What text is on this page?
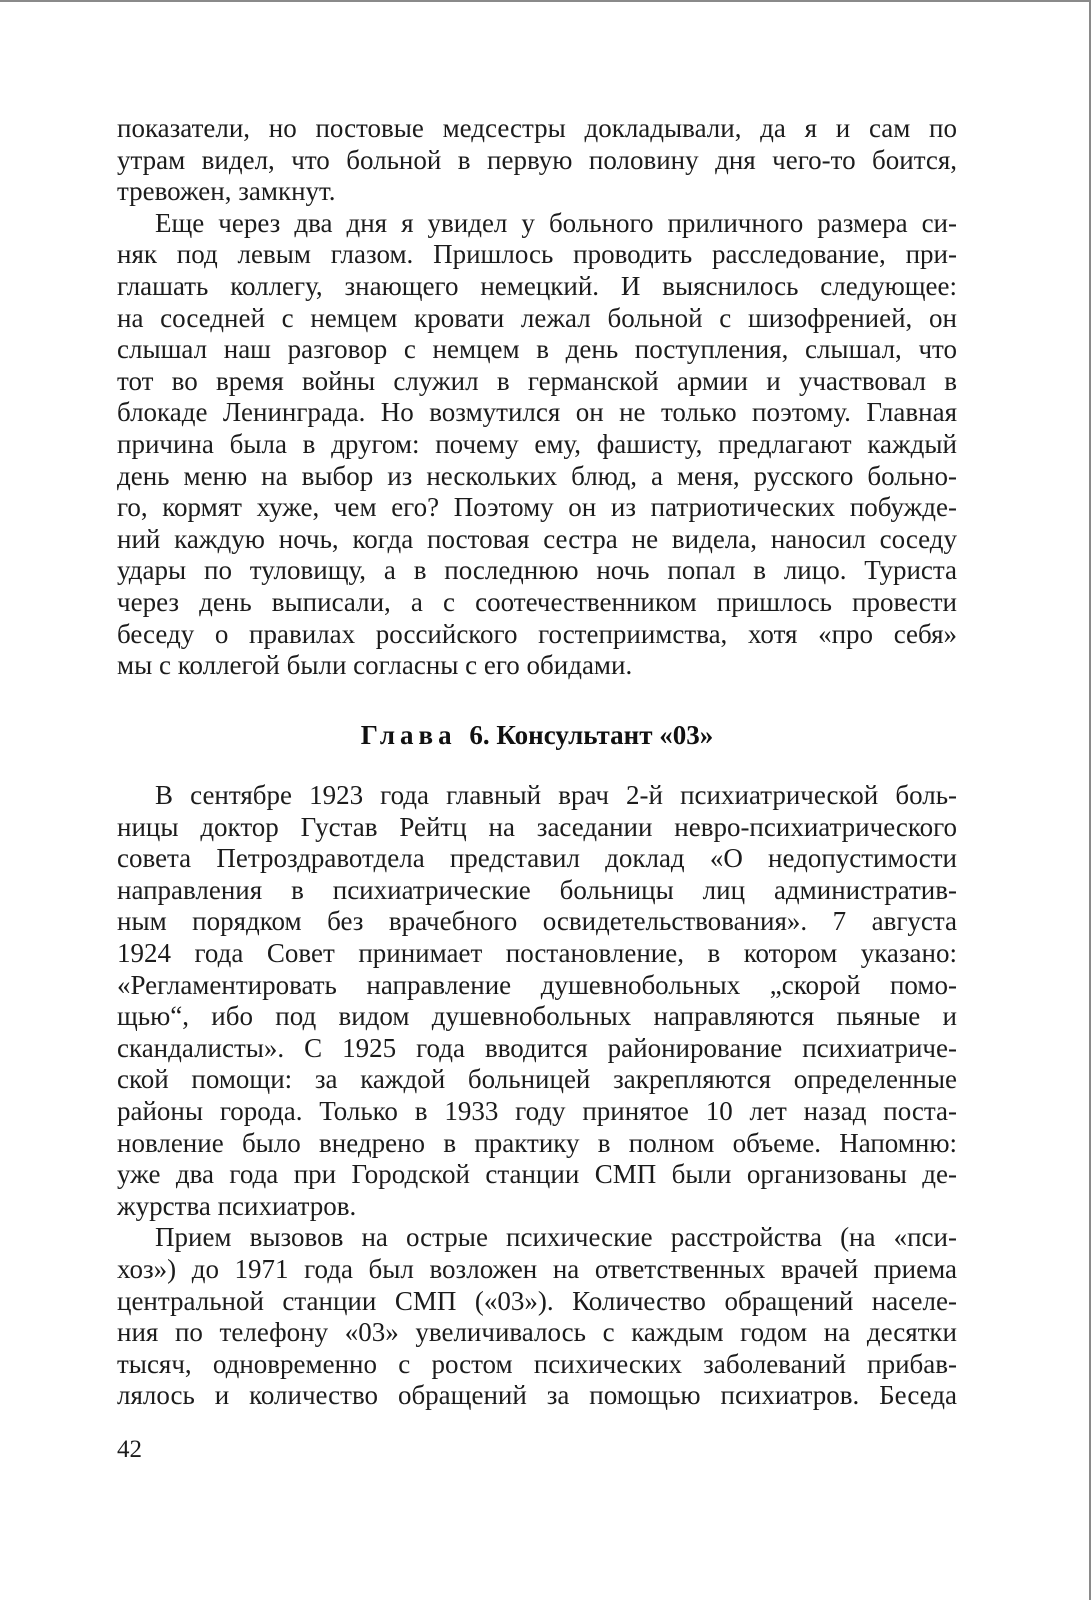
показатели, но постовые медсестры докладывали, да я и сам по
утрам видел, что больной в первую половину дня чего-то боится,
тревожен, замкнут.
Еще через два дня я увидел у больного приличного размера си-
няк под левым глазом. Пришлось проводить расследование, при-
глашать коллегу, знающего немецкий. И выяснилось следующее:
на соседней с немцем кровати лежал больной с шизофренией, он
слышал наш разговор с немцем в день поступления, слышал, что
тот во время войны служил в германской армии и участвовал в
блокаде Ленинграда. Но возмутился он не только поэтому. Главная
причина была в другом: почему ему, фашисту, предлагают каждый
день меню на выбор из нескольких блюд, а меня, русского больно-
го, кормят хуже, чем его? Поэтому он из патриотических побужде-
ний каждую ночь, когда постовая сестра не видела, наносил соседу
удары по туловищу, а в последнюю ночь попал в лицо. Туриста
через день выписали, а с соотечественником пришлось провести
беседу о правилах российского гостеприимства, хотя «про себя»
мы с коллегой были согласны с его обидами.
Глава 6. Консультант «03»
В сентябре 1923 года главный врач 2-й психиатрической боль-
ницы доктор Густав Рейтц на заседании невро-психиатрического
совета Петроздравотдела представил доклад «О недопустимости
направления в психиатрические больницы лиц административ-
ным порядком без врачебного освидетельствования». 7 августа
1924 года Совет принимает постановление, в котором указано:
«Регламентировать направление душевнобольных „скорой помо-
щью“, ибо под видом душевнобольных направляются пьяные и
скандалисты». С 1925 года вводится районирование психиатриче-
ской помощи: за каждой больницей закрепляются определенные
районы города. Только в 1933 году принятое 10 лет назад поста-
новление было внедрено в практику в полном объеме. Напомню:
уже два года при Городской станции СМП были организованы де-
журства психиатров.
Прием вызовов на острые психические расстройства (на «пси-
хоз») до 1971 года был возложен на ответственных врачей приема
центральной станции СМП («03»). Количество обращений населе-
ния по телефону «03» увеличивалось с каждым годом на десятки
тысяч, одновременно с ростом психических заболеваний прибав-
лялось и количество обращений за помощью психиатров. Беседа
42
